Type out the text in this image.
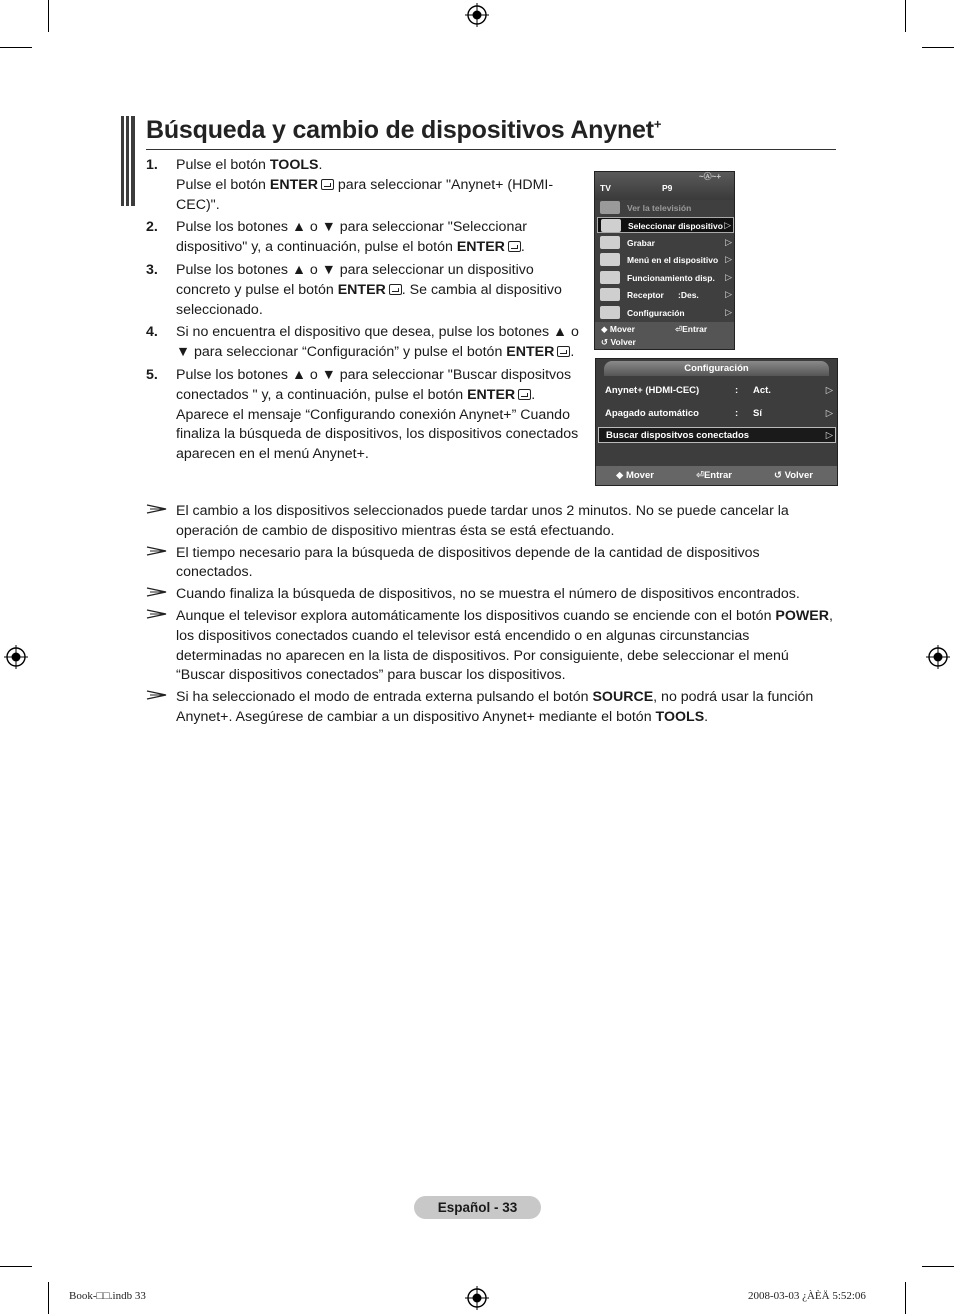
Búsqueda y cambio de dispositivos Anynet+
1. Pulse el botón TOOLS.
Pulse el botón ENTER para seleccionar "Anynet+ (HDMI-CEC)".
2. Pulse los botones ▲ o ▼ para seleccionar "Seleccionar dispositivo" y, a continuación, pulse el botón ENTER .
3. Pulse los botones ▲ o ▼ para seleccionar un dispositivo concreto y pulse el botón ENTER . Se cambia al dispositivo seleccionado.
4. Si no encuentra el dispositivo que desea, pulse los botones ▲ o ▼ para seleccionar “Configuración” y pulse el botón ENTER .
5. Pulse los botones ▲ o ▼ para seleccionar "Buscar dispositvos conectados " y, a continuación, pulse el botón ENTER .
Aparece el mensaje “Configurando conexión Anynet+” Cuando finaliza la búsqueda de dispositivos, los dispositivos conectados aparecen en el menú Anynet+.
El cambio a los dispositivos seleccionados puede tardar unos 2 minutos. No se puede cancelar la operación de cambio de dispositivo mientras ésta se está efectuando.
El tiempo necesario para la búsqueda de dispositivos depende de la cantidad de dispositivos conectados.
Cuando finaliza la búsqueda de dispositivos, no se muestra el número de dispositivos encontrados.
Aunque el televisor explora automáticamente los dispositivos cuando se enciende con el botón POWER, los dispositivos conectados cuando el televisor está encendido o en algunas circunstancias determinadas no aparecen en la lista de dispositivos. Por consiguiente, debe seleccionar el menú “Buscar dispositivos conectados” para buscar los dispositivos.
Si ha seleccionado el modo de entrada externa pulsando el botón SOURCE, no podrá usar la función Anynet+. Asegúrese de cambiar a un dispositivo Anynet+ mediante el botón TOOLS.
TV	P9
~Ⓐ~+
Ver la televisión
Seleccionar dispositivo ▷
Grabar	▷
Menú en el dispositivo ▷
Funcionamiento disp. ▷
Receptor      :Des.	▷
Configuración	▷
◆ Mover	⏎Entrar
↺ Volver
Configuración
Anynet+ (HDMI-CEC)	: Act.	▷
Apagado automático	: Sí	▷
Buscar dispositvos conectados	▷
◆ Mover	⏎Entrar	↺ Volver
Español - 33
Book-□□.indb 33	2008-03-03 ¿ÀÈÄ 5:52:06
